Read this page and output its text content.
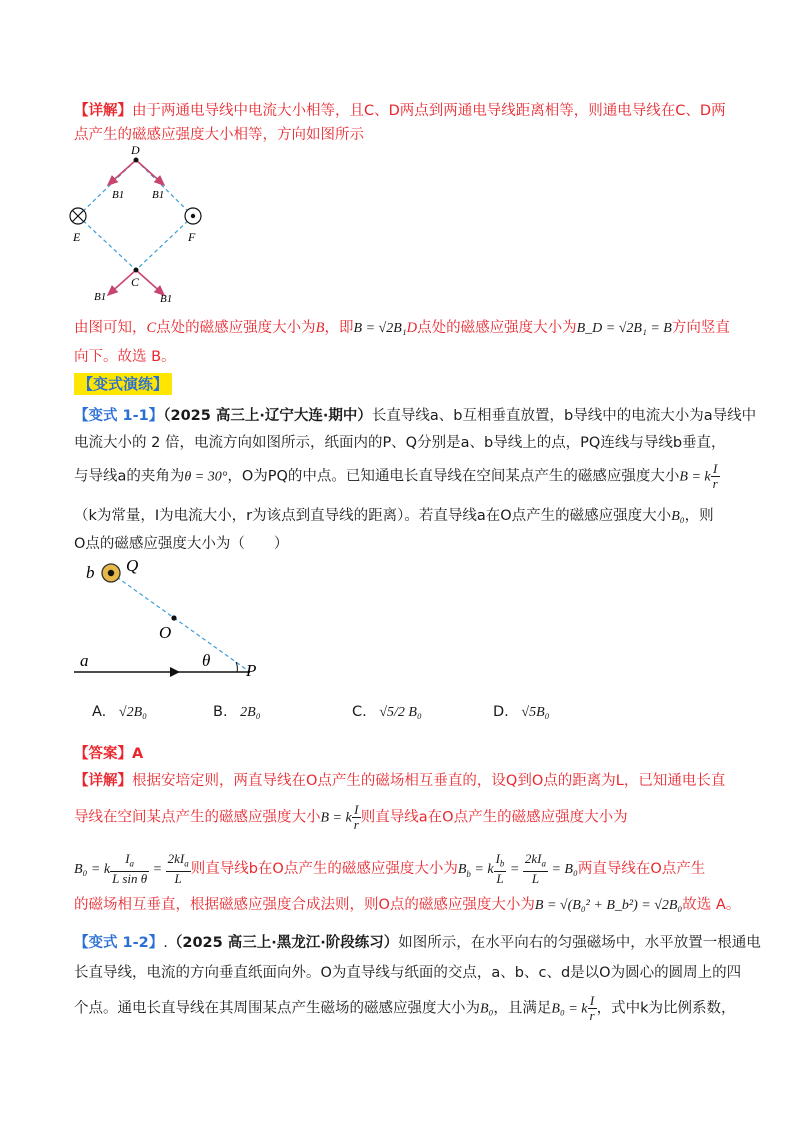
【详解】由于两通电导线中电流大小相等，且C、D两点到两通电导线距离相等，则通电导线在C、D两
点产生的磁感应强度大小相等，方向如图所示
D
E	F
C
B1	B1
B1	B1
由图可知，C点处的磁感应强度大小为B，即B = √2B₁D点处的磁感应强度大小为B_D = √2B₁ = B方向竖直
向下。故选 B。
【变式演练】
【变式 1-1】（2025 高三上·辽宁大连·期中）长直导线a、b互相垂直放置，b导线中的电流大小为a导线中
电流大小的 2 倍，电流方向如图所示，纸面内的P、Q分别是a、b导线上的点，PQ连线与导线b垂直，
与导线a的夹角为θ = 30°，O为PQ的中点。已知通电长直导线在空间某点产生的磁感应强度大小B = k $\frac{I}{r}$
（k为常量，I为电流大小，r为该点到直导线的距离）。若直导线a在O点产生的磁感应强度大小B₀，则
O点的磁感应强度大小为（　　）
b Q
O
a	θ
P
A. √2B₀	B. 2B₀	C. √5/2 B₀	D. √5B₀
【答案】A
【详解】根据安培定则，两直导线在O点产生的磁场相互垂直的，设Q到O点的距离为L，已知通电长直
导线在空间某点产生的磁感应强度大小B = k $\frac{I}{r}$ 则直导线a在O点产生的磁感应强度大小为
B₀ = k $\frac{I_a}{\text{L sin θ}} = \frac{2kI_a}{L}$ 则直导线b在O点产生的磁感应强度大小为$B_b = k \frac{I_b}{L} = \frac{2kI_a}{L} = B_0$两直导线在O点产生
的磁场相互垂直，根据磁感应强度合成法则，则O点的磁感应强度大小为B = √(B₀² + B_b²) = √2B₀故选 A。
【变式 1-2】.（2025 高三上·黑龙江·阶段练习）如图所示，在水平向右的匀强磁场中，水平放置一根通电
长直导线，电流的方向垂直纸面向外。O为直导线与纸面的交点，a、b、c、d是以O为圆心的圆周上的四
个点。通电长直导线在其周围某点产生磁场的磁感应强度大小为B₀，且满足B₀ = k $\frac{I}{r}$ ，式中k为比例系数，
